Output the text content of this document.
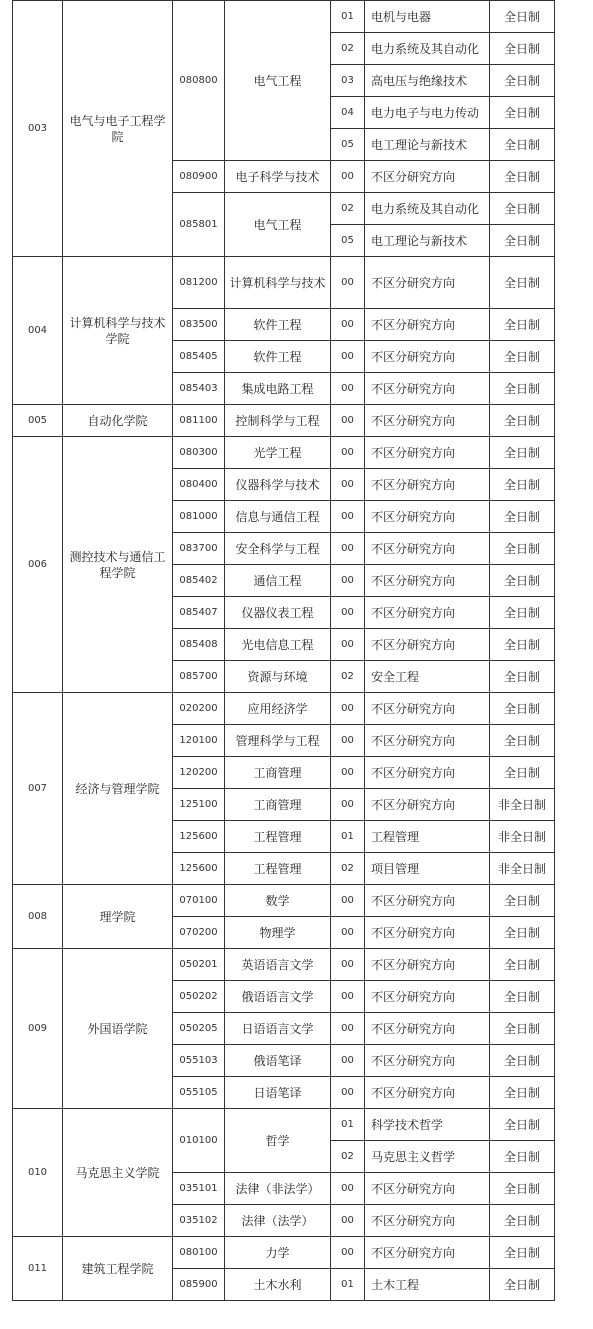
003	电气与电子工程学院	080800	电气工程	01	电机与电器	全日制
				02	电力系统及其自动化	全日制
				03	高电压与绝缘技术	全日制
				04	电力电子与电力传动	全日制
				05	电工理论与新技术	全日制
		080900	电子科学与技术	00	不区分研究方向	全日制
		085801	电气工程	02	电力系统及其自动化	全日制
				05	电工理论与新技术	全日制
004	计算机科学与技术学院	081200	计算机科学与技术	00	不区分研究方向	全日制
		083500	软件工程	00	不区分研究方向	全日制
		085405	软件工程	00	不区分研究方向	全日制
		085403	集成电路工程	00	不区分研究方向	全日制
005	自动化学院	081100	控制科学与工程	00	不区分研究方向	全日制
006	测控技术与通信工程学院	080300	光学工程	00	不区分研究方向	全日制
		080400	仪器科学与技术	00	不区分研究方向	全日制
		081000	信息与通信工程	00	不区分研究方向	全日制
		083700	安全科学与工程	00	不区分研究方向	全日制
		085402	通信工程	00	不区分研究方向	全日制
		085407	仪器仪表工程	00	不区分研究方向	全日制
		085408	光电信息工程	00	不区分研究方向	全日制
		085700	资源与环境	02	安全工程	全日制
007	经济与管理学院	020200	应用经济学	00	不区分研究方向	全日制
		120100	管理科学与工程	00	不区分研究方向	全日制
		120200	工商管理	00	不区分研究方向	全日制
		125100	工商管理	00	不区分研究方向	非全日制
		125600	工程管理	01	工程管理	非全日制
		125600	工程管理	02	项目管理	非全日制
008	理学院	070100	数学	00	不区分研究方向	全日制
		070200	物理学	00	不区分研究方向	全日制
009	外国语学院	050201	英语语言文学	00	不区分研究方向	全日制
		050202	俄语语言文学	00	不区分研究方向	全日制
		050205	日语语言文学	00	不区分研究方向	全日制
		055103	俄语笔译	00	不区分研究方向	全日制
		055105	日语笔译	00	不区分研究方向	全日制
010	马克思主义学院	010100	哲学	01	科学技术哲学	全日制
				02	马克思主义哲学	全日制
		035101	法律（非法学）	00	不区分研究方向	全日制
		035102	法律（法学）	00	不区分研究方向	全日制
011	建筑工程学院	080100	力学	00	不区分研究方向	全日制
		085900	土木水利	01	土木工程	全日制
